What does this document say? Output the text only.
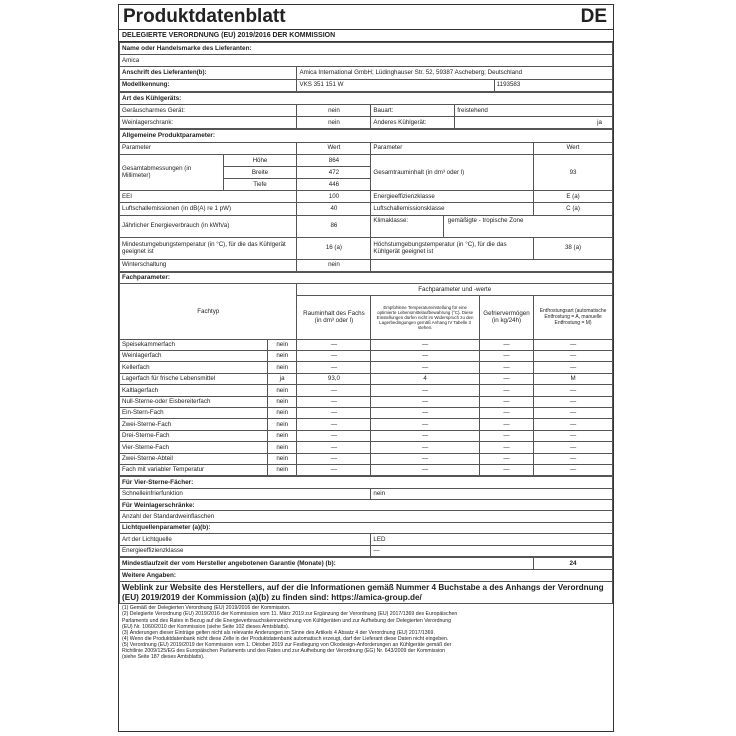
Produktdatenblatt	DE
DELEGIERTE VERORDNUNG (EU) 2019/2016 DER KOMMISSION
Name oder Handelsmarke des Lieferanten:		
Amica		
Anschrift des Lieferanten(b):	Amica International GmbH; Lüdinghauser Str. 52, 59387 Ascheberg; Deutschland	
Modellkennung:	VKS 351 151 W	1193583
Art des Kühlgeräts:			
Geräuscharmes Gerät:	nein	Bauart:	freistehend
Weinlagerschrank:	nein	Anderes Kühlgerät:	ja
Allgemeine Produktparameter:				
Parameter		Wert	Parameter	Wert
Gesamtabmessungen (in Millimeter)	Höhe	864	Gesamtrauminhalt (in dm³ oder l)	93
	Breite	472		
	Tiefe	446		
EEI		100	Energieeffizienzklasse	E (a)
Luftschallemissionen (in dB(A) re 1 pW)		40	Luftschallemissionsklasse	C (a)
Jährlicher Energieverbrauch (in kWh/a)		86	Klimaklasse: gemäßigte - tropische Zone	

Mindestumgebungstemperatur (in °C), für die das Kühlgerät geeignet ist		16 (a)	Höchstumgebungstemperatur (in °C), für die das Kühlgerät geeignet ist	38 (a)
Winterschaltung		nein		
Fachparameter:					
Fachtyp		Fachparameter und -werte			
		Rauminhalt des Fachs (in dm³ oder l)	Empfohlene Temperatureinstellung für eine optimierte Lebensmittelaufbewahrung (°C). Diese Einstellungen dürfen nicht im Widerspruch zu den Lagerbedingungen gemäß Anhang IV Tabelle 3 stehen.	Gefriervermögen (in kg/24h)	Entfrostungsart (automatische Entfrostung = A, manuelle Entfrostung = M)
Speisekammerfach	nein	—	—	—	—
Weinlagerfach	nein	—	—	—	—
Kellerfach	nein	—	—	—	—
Lagerfach für frische Lebensmittel	ja	93,0	4	—	M
Kaltlagerfach	nein	—	—	—	—
Null-Sterne-oder Eisbereiterfach	nein	—	—	—	—
Ein-Stern-Fach	nein	—	—	—	—
Zwei-Sterne-Fach	nein	—	—	—	—
Drei-Sterne-Fach	nein	—	—	—	—
Vier-Sterne-Fach	nein	—	—	—	—
Zwei-Sterne-Abteil	nein	—	—	—	—
Fach mit variabler Temperatur	nein	—	—	—	—
Für Vier-Sterne-Fächer:	
Schnelleinfrierfunktion	nein
Für Weinlagerschränke:	
Anzahl der Standardweinflaschen	
Lichtquellenparameter (a)(b):	
Art der Lichtquelle	LED
Energieeffizienzklasse	—
Mindestlaufzeit der vom Hersteller angebotenen Garantie (Monate) (b):	24
Weitere Angaben:
Weblink zur Website des Herstellers, auf der die Informationen gemäß Nummer 4 Buchstabe a des Anhangs der Verordnung (EU) 2019/2019 der Kommission (a)(b) zu finden sind: https://amica-group.de/
(1) Gemäß der Delegierten Verordnung (EU) 2019/2016 der Kommission.
(2) Delegierte Verordnung (EU) 2019/2016 der Kommission vom 11. März 2019 zur Ergänzung der Verordnung (EU) 2017/1369 des Europäischen
Parlaments und des Rates in Bezug auf die Energieverbrauchskennzeichnung von Kühlgeräten und zur Aufhebung der Delegierten Verordnung
(EU) Nr. 1060/2010 der Kommission (siehe Seite 102 dieses Amtsblatts).
(3) Änderungen dieser Einträge gelten nicht als relevante Änderungen im Sinne des Artikels 4 Absatz 4 der Verordnung (EU) 2017/1369.
(4) Wenn die Produktdatenbank nicht diese Zelle in der Produktdatenbank automatisch erzeugt, darf der Lieferant diese Daten nicht eingeben.
(5) Verordnung (EU) 2019/2019 der Kommission vom 1. Oktober 2019 zur Festlegung von Ökodesign-Anforderungen an Kühlgeräte gemäß der
Richtlinie 2009/125/EG des Europäischen Parlaments und des Rates und zur Aufhebung der Verordnung (EG) Nr. 643/2009 der Kommission
(siehe Seite 187 dieses Amtsblatts).
